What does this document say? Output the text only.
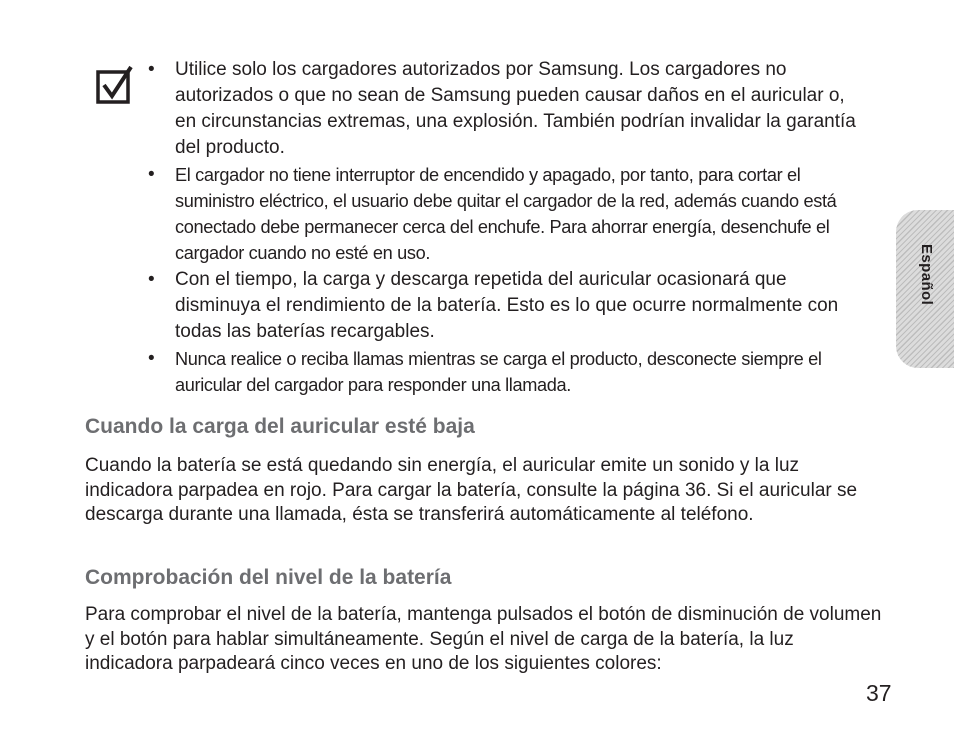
• Utilice solo los cargadores autorizados por Samsung. Los cargadores no autorizados o que no sean de Samsung pueden causar daños en el auricular o, en circunstancias extremas, una explosión. También podrían invalidar la garantía del producto.
• El cargador no tiene interruptor de encendido y apagado, por tanto, para cortar el suministro eléctrico, el usuario debe quitar el cargador de la red, además cuando está conectado debe permanecer cerca del enchufe. Para ahorrar energía, desenchufe el cargador cuando no esté en uso.
• Con el tiempo, la carga y descarga repetida del auricular ocasionará que disminuya el rendimiento de la batería. Esto es lo que ocurre normalmente con todas las baterías recargables.
• Nunca realice o reciba llamas mientras se carga el producto, desconecte siempre el auricular del cargador para responder una llamada.
Cuando la carga del auricular esté baja

Cuando la batería se está quedando sin energía, el auricular emite un sonido y la luz indicadora parpadea en rojo. Para cargar la batería, consulte la página 36. Si el auricular se descarga durante una llamada, ésta se transferirá automáticamente al teléfono.

Comprobación del nivel de la batería

Para comprobar el nivel de la batería, mantenga pulsados el botón de disminución de volumen y el botón para hablar simultáneamente. Según el nivel de carga de la batería, la luz indicadora parpadeará cinco veces en uno de los siguientes colores:

Español
37
